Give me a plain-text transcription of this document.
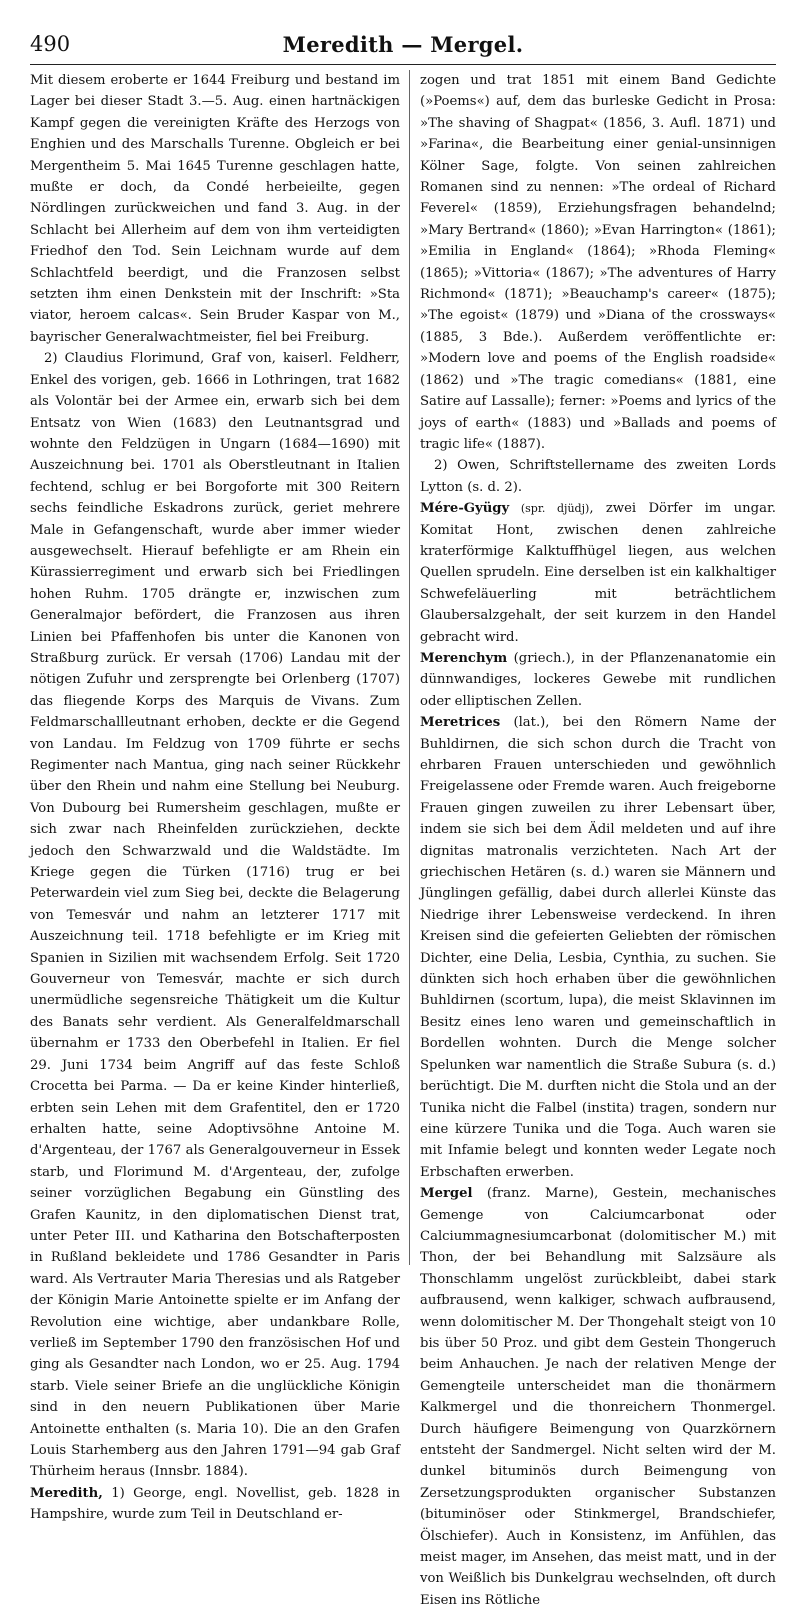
490	Meredith — Mergel.

Mit diesem eroberte er 1644 Freiburg und bestand im Lager bei dieser Stadt 3.—5. Aug. einen hartnäckigen Kampf gegen die vereinigten Kräfte des Herzogs von Enghien und des Marschalls Turenne. Obgleich er bei Mergentheim 5. Mai 1645 Turenne geschlagen hatte, mußte er doch, da Condé herbeieilte, gegen Nördlingen zurückweichen und fand 3. Aug. in der Schlacht bei Allerheim auf dem von ihm verteidigten Friedhof den Tod. Sein Leichnam wurde auf dem Schlachtfeld beerdigt, und die Franzosen selbst setzten ihm einen Denkstein mit der Inschrift: »Sta viator, heroem calcas«. Sein Bruder Kaspar von M., bayrischer Generalwachtmeister, fiel bei Freiburg.

2) Claudius Florimund, Graf von, kaiserl. Feldherr, Enkel des vorigen, geb. 1666 in Lothringen, trat 1682 als Volontär bei der Armee ein, erwarb sich bei dem Entsatz von Wien (1683) den Leutnantsgrad und wohnte den Feldzügen in Ungarn (1684—1690) mit Auszeichnung bei. 1701 als Oberstleutnant in Italien fechtend, schlug er bei Borgoforte mit 300 Reitern sechs feindliche Eskadrons zurück, geriet mehrere Male in Gefangenschaft, wurde aber immer wieder ausgewechselt. Hierauf befehligte er am Rhein ein Kürassierregiment und erwarb sich bei Friedlingen hohen Ruhm. 1705 drängte er, inzwischen zum Generalmajor befördert, die Franzosen aus ihren Linien bei Pfaffenhofen bis unter die Kanonen von Straßburg zurück. Er versah (1706) Landau mit der nötigen Zufuhr und zersprengte bei Orlenberg (1707) das fliegende Korps des Marquis de Vivans. Zum Feldmarschallleutnant erhoben, deckte er die Gegend von Landau. Im Feldzug von 1709 führte er sechs Regimenter nach Mantua, ging nach seiner Rückkehr über den Rhein und nahm eine Stellung bei Neuburg. Von Dubourg bei Rumersheim geschlagen, mußte er sich zwar nach Rheinfelden zurückziehen, deckte jedoch den Schwarzwald und die Waldstädte. Im Kriege gegen die Türken (1716) trug er bei Peterwardein viel zum Sieg bei, deckte die Belagerung von Temesvár und nahm an letzterer 1717 mit Auszeichnung teil. 1718 befehligte er im Krieg mit Spanien in Sizilien mit wachsendem Erfolg. Seit 1720 Gouverneur von Temesvár, machte er sich durch unermüdliche segensreiche Thätigkeit um die Kultur des Banats sehr verdient. Als Generalfeldmarschall übernahm er 1733 den Oberbefehl in Italien. Er fiel 29. Juni 1734 beim Angriff auf das feste Schloß Crocetta bei Parma. — Da er keine Kinder hinterließ, erbten sein Lehen mit dem Grafentitel, den er 1720 erhalten hatte, seine Adoptivsöhne Antoine M. d'Argenteau, der 1767 als Generalgouverneur in Essek starb, und Florimund M. d'Argenteau, der, zufolge seiner vorzüglichen Begabung ein Günstling des Grafen Kaunitz, in den diplomatischen Dienst trat, unter Peter III. und Katharina den Botschafterposten in Rußland bekleidete und 1786 Gesandter in Paris ward. Als Vertrauter Maria Theresias und als Ratgeber der Königin Marie Antoinette spielte er im Anfang der Revolution eine wichtige, aber undankbare Rolle, verließ im September 1790 den französischen Hof und ging als Gesandter nach London, wo er 25. Aug. 1794 starb. Viele seiner Briefe an die unglückliche Königin sind in den neuern Publikationen über Marie Antoinette enthalten (s. Maria 10). Die an den Grafen Louis Starhemberg aus den Jahren 1791—94 gab Graf Thürheim heraus (Innsbr. 1884).

Meredith, 1) George, engl. Novellist, geb. 1828 in Hampshire, wurde zum Teil in Deutschland er-

zogen und trat 1851 mit einem Band Gedichte (»Poems«) auf, dem das burleske Gedicht in Prosa: »The shaving of Shagpat« (1856, 3. Aufl. 1871) und »Farina«, die Bearbeitung einer genial-unsinnigen Kölner Sage, folgte. Von seinen zahlreichen Romanen sind zu nennen: »The ordeal of Richard Feverel« (1859), Erziehungsfragen behandelnd; »Mary Bertrand« (1860); »Evan Harrington« (1861); »Emilia in England« (1864); »Rhoda Fleming« (1865); »Vittoria« (1867); »The adventures of Harry Richmond« (1871); »Beauchamp's career« (1875); »The egoist« (1879) und »Diana of the crossways« (1885, 3 Bde.). Außerdem veröffentlichte er: »Modern love and poems of the English roadside« (1862) und »The tragic comedians« (1881, eine Satire auf Lassalle); ferner: »Poems and lyrics of the joys of earth« (1883) und »Ballads and poems of tragic life« (1887).

2) Owen, Schriftstellername des zweiten Lords Lytton (s. d. 2).

Mére-Gyügy (spr. djüdj), zwei Dörfer im ungar. Komitat Hont, zwischen denen zahlreiche kraterförmige Kalktuffhügel liegen, aus welchen Quellen sprudeln. Eine derselben ist ein kalkhaltiger Schwefeläuerling mit beträchtlichem Glaubersalzgehalt, der seit kurzem in den Handel gebracht wird.

Merenchym (griech.), in der Pflanzenanatomie ein dünnwandiges, lockeres Gewebe mit rundlichen oder elliptischen Zellen.

Meretrices (lat.), bei den Römern Name der Buhldirnen, die sich schon durch die Tracht von ehrbaren Frauen unterschieden und gewöhnlich Freigelassene oder Fremde waren. Auch freigeborne Frauen gingen zuweilen zu ihrer Lebensart über, indem sie sich bei dem Ädil meldeten und auf ihre dignitas matronalis verzichteten. Nach Art der griechischen Hetären (s. d.) waren sie Männern und Jünglingen gefällig, dabei durch allerlei Künste das Niedrige ihrer Lebensweise verdeckend. In ihren Kreisen sind die gefeierten Geliebten der römischen Dichter, eine Delia, Lesbia, Cynthia, zu suchen. Sie dünkten sich hoch erhaben über die gewöhnlichen Buhldirnen (scortum, lupa), die meist Sklavinnen im Besitz eines leno waren und gemeinschaftlich in Bordellen wohnten. Durch die Menge solcher Spelunken war namentlich die Straße Subura (s. d.) berüchtigt. Die M. durften nicht die Stola und an der Tunika nicht die Falbel (instita) tragen, sondern nur eine kürzere Tunika und die Toga. Auch waren sie mit Infamie belegt und konnten weder Legate noch Erbschaften erwerben.

Mergel (franz. Marne), Gestein, mechanisches Gemenge von Calciumcarbonat oder Calciummagnesiumcarbonat (dolomitischer M.) mit Thon, der bei Behandlung mit Salzsäure als Thonschlamm ungelöst zurückbleibt, dabei stark aufbrausend, wenn kalkiger, schwach aufbrausend, wenn dolomitischer M. Der Thongehalt steigt von 10 bis über 50 Proz. und gibt dem Gestein Thongeruch beim Anhauchen. Je nach der relativen Menge der Gemengteile unterscheidet man die thonärmern Kalkmergel und die thonreichern Thonmergel. Durch häufigere Beimengung von Quarzkörnern entsteht der Sandmergel. Nicht selten wird der M. dunkel bituminös durch Beimengung von Zersetzungsprodukten organischer Substanzen (bituminöser oder Stinkmergel, Brandschiefer, Ölschiefer). Auch in Konsistenz, im Anfühlen, das meist mager, im Ansehen, das meist matt, und in der von Weißlich bis Dunkelgrau wechselnden, oft durch Eisen ins Rötliche
